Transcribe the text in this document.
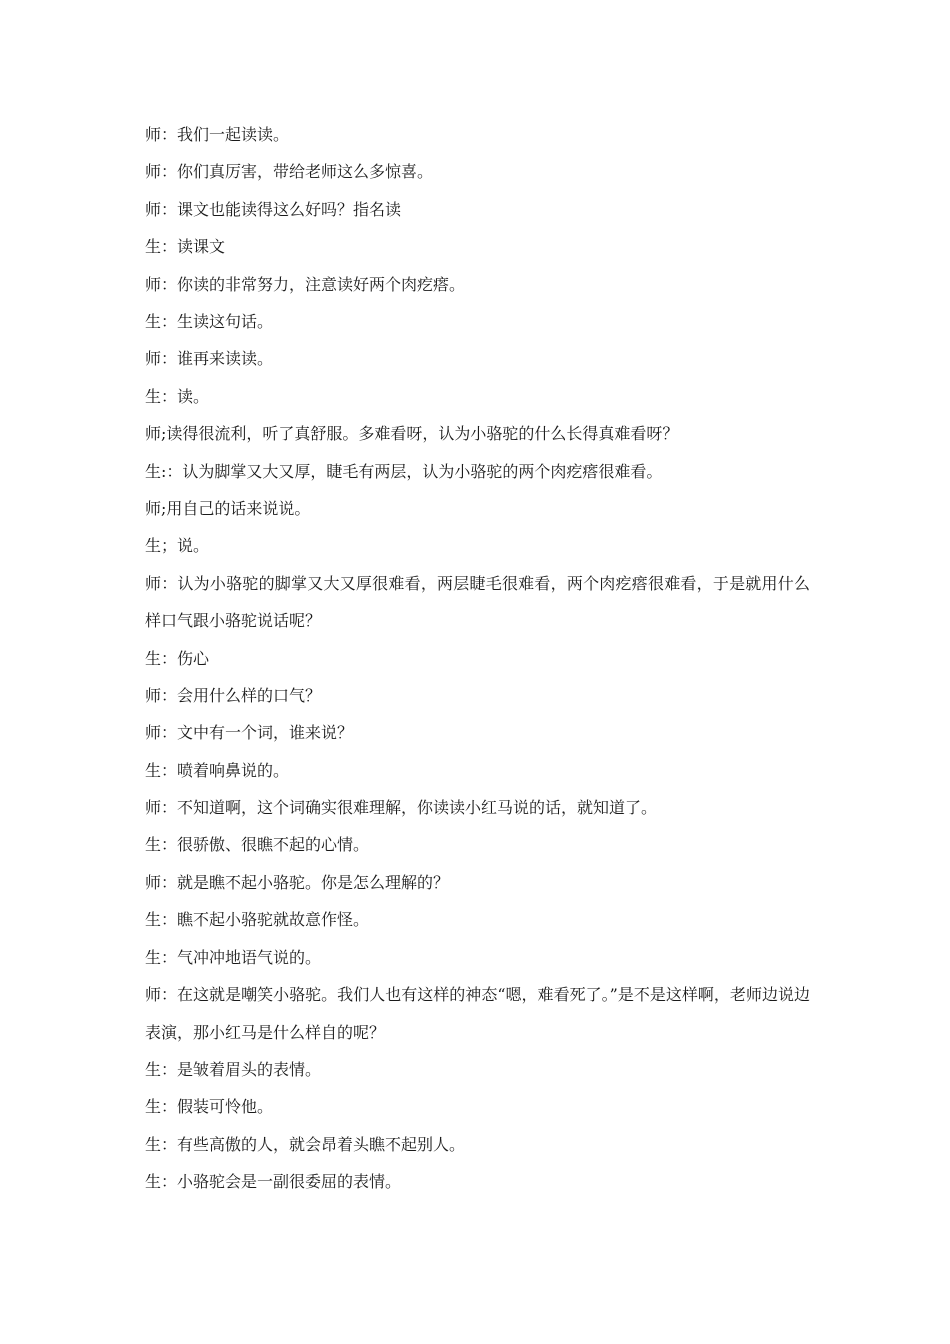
师：我们一起读读。

师：你们真厉害，带给老师这么多惊喜。

师：课文也能读得这么好吗？指名读

生：读课文

师：你读的非常努力，注意读好两个肉疙瘩。

生：生读这句话。

师：谁再来读读。

生：读。

师;读得很流利，听了真舒服。多难看呀，认为小骆驼的什么长得真难看呀？

生:：认为脚掌又大又厚，睫毛有两层，认为小骆驼的两个肉疙瘩很难看。

师;用自己的话来说说。

生；说。

师：认为小骆驼的脚掌又大又厚很难看，两层睫毛很难看，两个肉疙瘩很难看，于是就用什么样口气跟小骆驼说话呢？

生：伤心

师：会用什么样的口气？

师：文中有一个词，谁来说？

生：喷着响鼻说的。

师：不知道啊，这个词确实很难理解，你读读小红马说的话，就知道了。

生：很骄傲、很瞧不起的心情。

师：就是瞧不起小骆驼。你是怎么理解的？

生：瞧不起小骆驼就故意作怪。

生：气冲冲地语气说的。

师：在这就是嘲笑小骆驼。我们人也有这样的神态“嗯，难看死了。”是不是这样啊，老师边说边表演，那小红马是什么样自的呢？

生：是皱着眉头的表情。

生：假装可怜他。

生：有些高傲的人，就会昂着头瞧不起别人。

生：小骆驼会是一副很委屈的表情。
